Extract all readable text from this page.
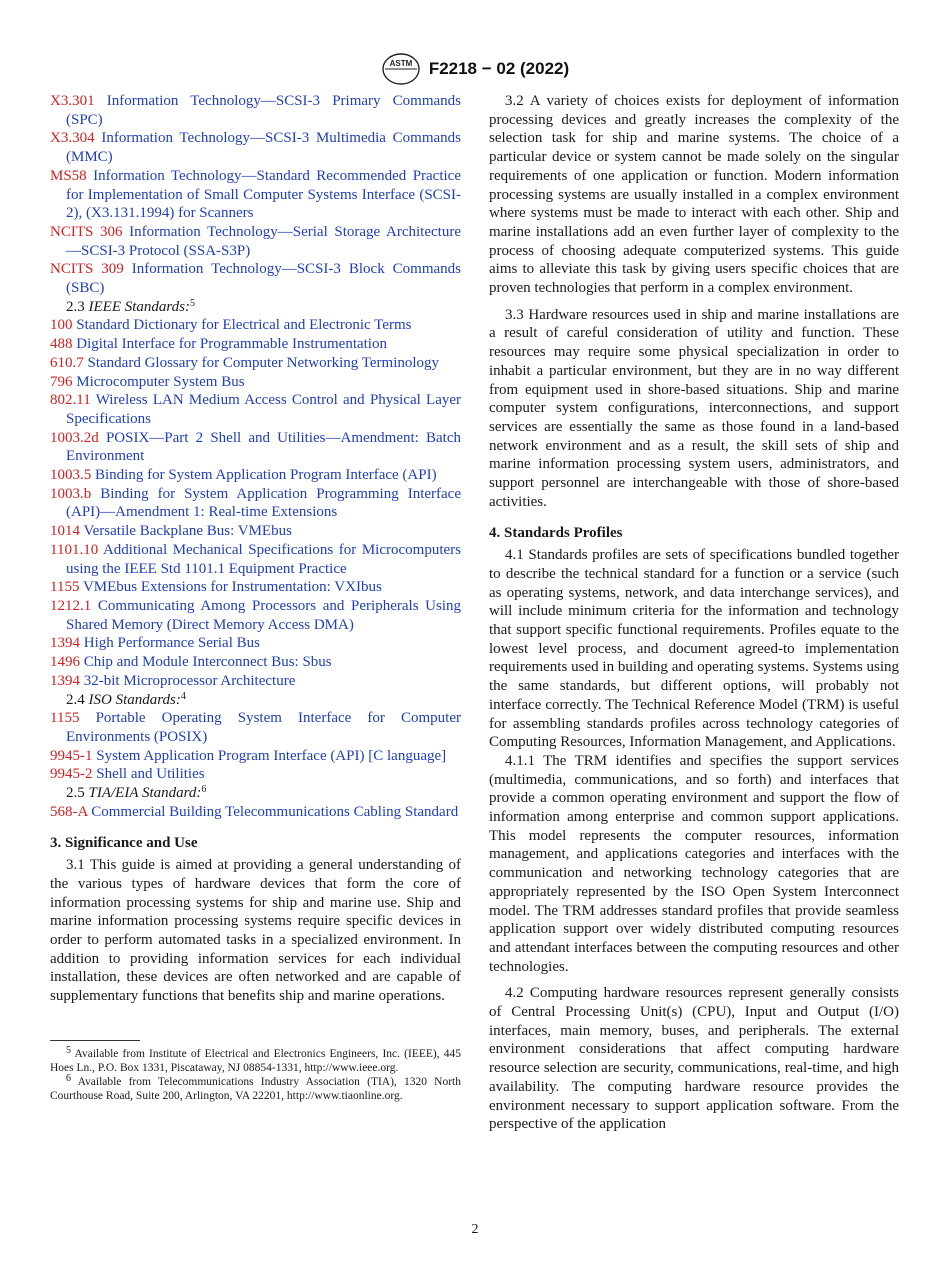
ASTM F2218 − 02 (2022)

X3.301 Information Technology—SCSI-3 Primary Commands (SPC)

X3.304 Information Technology—SCSI-3 Multimedia Commands (MMC)

MS58 Information Technology—Standard Recommended Practice for Implementation of Small Computer Systems Interface (SCSI-2), (X3.131.1994) for Scanners

NCITS 306 Information Technology—Serial Storage Architecture—SCSI-3 Protocol (SSA-S3P)

NCITS 309 Information Technology—SCSI-3 Block Commands (SBC)

2.3 IEEE Standards:$^5$

100 Standard Dictionary for Electrical and Electronic Terms

488 Digital Interface for Programmable Instrumentation

610.7 Standard Glossary for Computer Networking Terminology

796 Microcomputer System Bus

802.11 Wireless LAN Medium Access Control and Physical Layer Specifications

1003.2d POSIX—Part 2 Shell and Utilities—Amendment: Batch Environment

1003.5 Binding for System Application Program Interface (API)

1003.b Binding for System Application Programming Interface (API)—Amendment 1: Real-time Extensions

1014 Versatile Backplane Bus: VMEbus

1101.10 Additional Mechanical Specifications for Microcomputers using the IEEE Std 1101.1 Equipment Practice

1155 VMEbus Extensions for Instrumentation: VXIbus

1212.1 Communicating Among Processors and Peripherals Using Shared Memory (Direct Memory Access DMA)

1394 High Performance Serial Bus

1496 Chip and Module Interconnect Bus: Sbus

1394 32-bit Microprocessor Architecture

2.4 ISO Standards:$^4$

1155 Portable Operating System Interface for Computer Environments (POSIX)

9945-1 System Application Program Interface (API) [C language]

9945-2 Shell and Utilities

2.5 TIA/EIA Standard:$^6$

568-A Commercial Building Telecommunications Cabling Standard

3. Significance and Use

3.1 This guide is aimed at providing a general understanding of the various types of hardware devices that form the core of information processing systems for ship and marine use. Ship and marine information processing systems require specific devices in order to perform automated tasks in a specialized environment. In addition to providing information services for each individual installation, these devices are often networked and are capable of supplementary functions that benefits ship and marine operations.

5 Available from Institute of Electrical and Electronics Engineers, Inc. (IEEE), 445 Hoes Ln., P.O. Box 1331, Piscataway, NJ 08854-1331, http://www.ieee.org.

6 Available from Telecommunications Industry Association (TIA), 1320 North Courthouse Road, Suite 200, Arlington, VA 22201, http://www.tiaonline.org.

3.2 A variety of choices exists for deployment of information processing devices and greatly increases the complexity of the selection task for ship and marine systems. The choice of a particular device or system cannot be made solely on the singular requirements of one application or function. Modern information processing systems are usually installed in a complex environment where systems must be made to interact with each other. Ship and marine installations add an even further layer of complexity to the process of choosing adequate computerized systems. This guide aims to alleviate this task by giving users specific choices that are proven technologies that perform in a complex environment.

3.3 Hardware resources used in ship and marine installations are a result of careful consideration of utility and function. These resources may require some physical specialization in order to inhabit a particular environment, but they are in no way different from equipment used in shore-based situations. Ship and marine computer system configurations, interconnections, and support services are essentially the same as those found in a land-based network environment and as a result, the skill sets of ship and marine information processing system users, administrators, and support personnel are interchangeable with those of shore-based activities.

4. Standards Profiles

4.1 Standards profiles are sets of specifications bundled together to describe the technical standard for a function or a service (such as operating systems, network, and data interchange services), and will include minimum criteria for the information and technology that support specific functional requirements. Profiles equate to the lowest level process, and document agreed-to implementation requirements used in building and operating systems. Systems using the same standards, but different options, will probably not interface correctly. The Technical Reference Model (TRM) is useful for assembling standards profiles across technology categories of Computing Resources, Information Management, and Applications.

4.1.1 The TRM identifies and specifies the support services (multimedia, communications, and so forth) and interfaces that provide a common operating environment and support the flow of information among enterprise and common support applications. This model represents the computer resources, information management, and applications categories and interfaces with the communication and networking technology categories that are appropriately represented by the ISO Open System Interconnect model. The TRM addresses standard profiles that provide seamless application support over widely distributed computing resources and attendant interfaces between the computing resources and other technologies.

4.2 Computing hardware resources represent generally consists of Central Processing Unit(s) (CPU), Input and Output (I/O) interfaces, main memory, buses, and peripherals. The external environment considerations that affect computing hardware resource selection are security, communications, real-time, and high availability. The computing hardware resource provides the environment necessary to support application software. From the perspective of the application

2
